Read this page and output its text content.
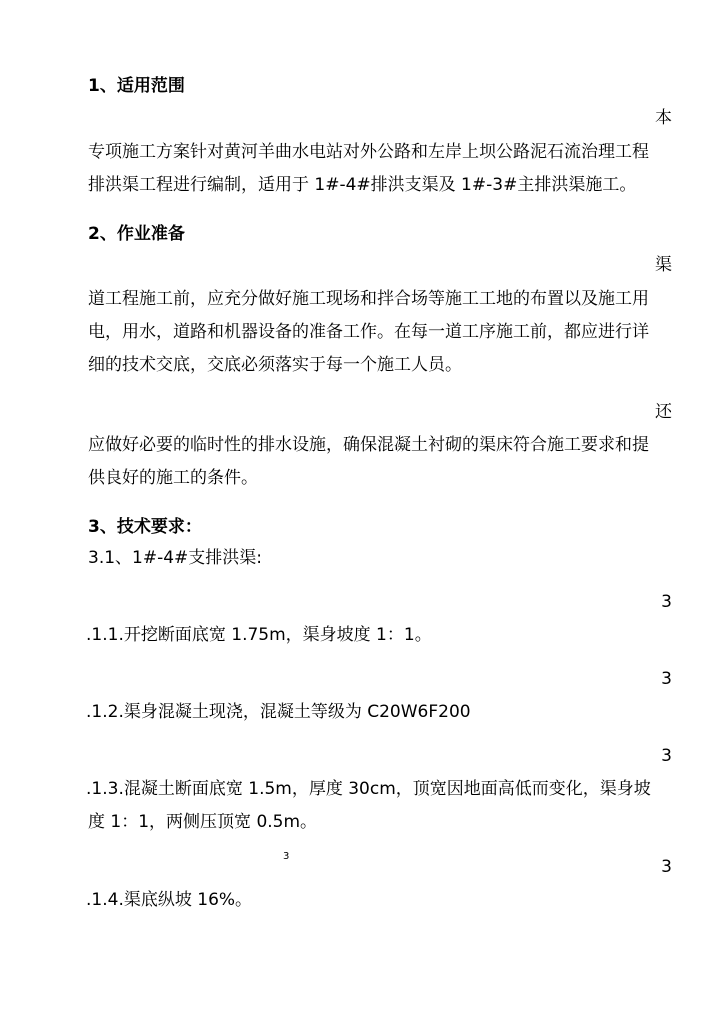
1、适用范围
本
专项施工方案针对黄河羊曲水电站对外公路和左岸上坝公路泥石流治理工程
排洪渠工程进行编制，适用于 1#-4#排洪支渠及 1#-3#主排洪渠施工。
2、作业准备
渠
道工程施工前，应充分做好施工现场和拌合场等施工工地的布置以及施工用
电，用水，道路和机器设备的准备工作。在每一道工序施工前，都应进行详
细的技术交底，交底必须落实于每一个施工人员。
还
应做好必要的临时性的排水设施，确保混凝土衬砌的渠床符合施工要求和提
供良好的施工的条件。
3、技术要求：
3.1、1#-4#支排洪渠:
3
.1.1.开挖断面底宽 1.75m，渠身坡度 1：1。
3
.1.2.渠身混凝土现浇，混凝土等级为 C20W6F200
3
.1.3.混凝土断面底宽 1.5m，厚度 30cm，顶宽因地面高低而变化，渠身坡
度 1：1，两侧压顶宽 0.5m。
3
3
.1.4.渠底纵坡 16%。
